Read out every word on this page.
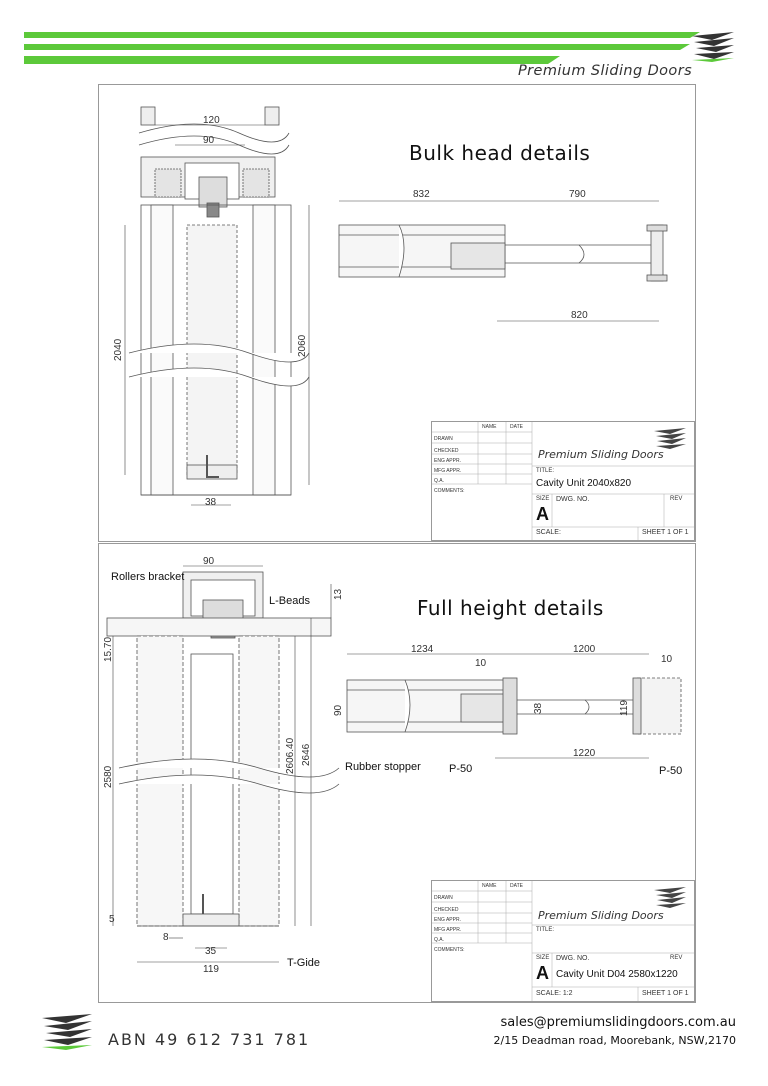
Premium Sliding Doors
120
90
2040	2060
38
832	790
820
Bulk head details
NAME	DATE
DRAWN
CHECKED
ENG APPR.
MFG APPR.
Q.A.
COMMENTS:
Premium Sliding Doors
TITLE:
Cavity Unit 2040x820
SIZE DWG. NO.	REV
A
SCALE:	SHEET 1 OF 1
Rollers bracket
L-Beads
Rubber stopper	P-50	P-50
T-Gide
90
13
15.70
2580
2606.40 2646
5
8
35
119
1234	1200
10	10
90	38	119
1220
Full height details
NAME	DATE
DRAWN
CHECKED
ENG APPR.
MFG APPR.
Q.A.
COMMENTS:
Premium Sliding Doors
TITLE:
SIZE DWG. NO.	REV
A Cavity Unit D04 2580x1220
SCALE: 1:2	SHEET 1 OF 1
ABN 49 612 731 781
sales@premiumslidingdoors.com.au
2/15 Deadman road, Moorebank, NSW,2170
